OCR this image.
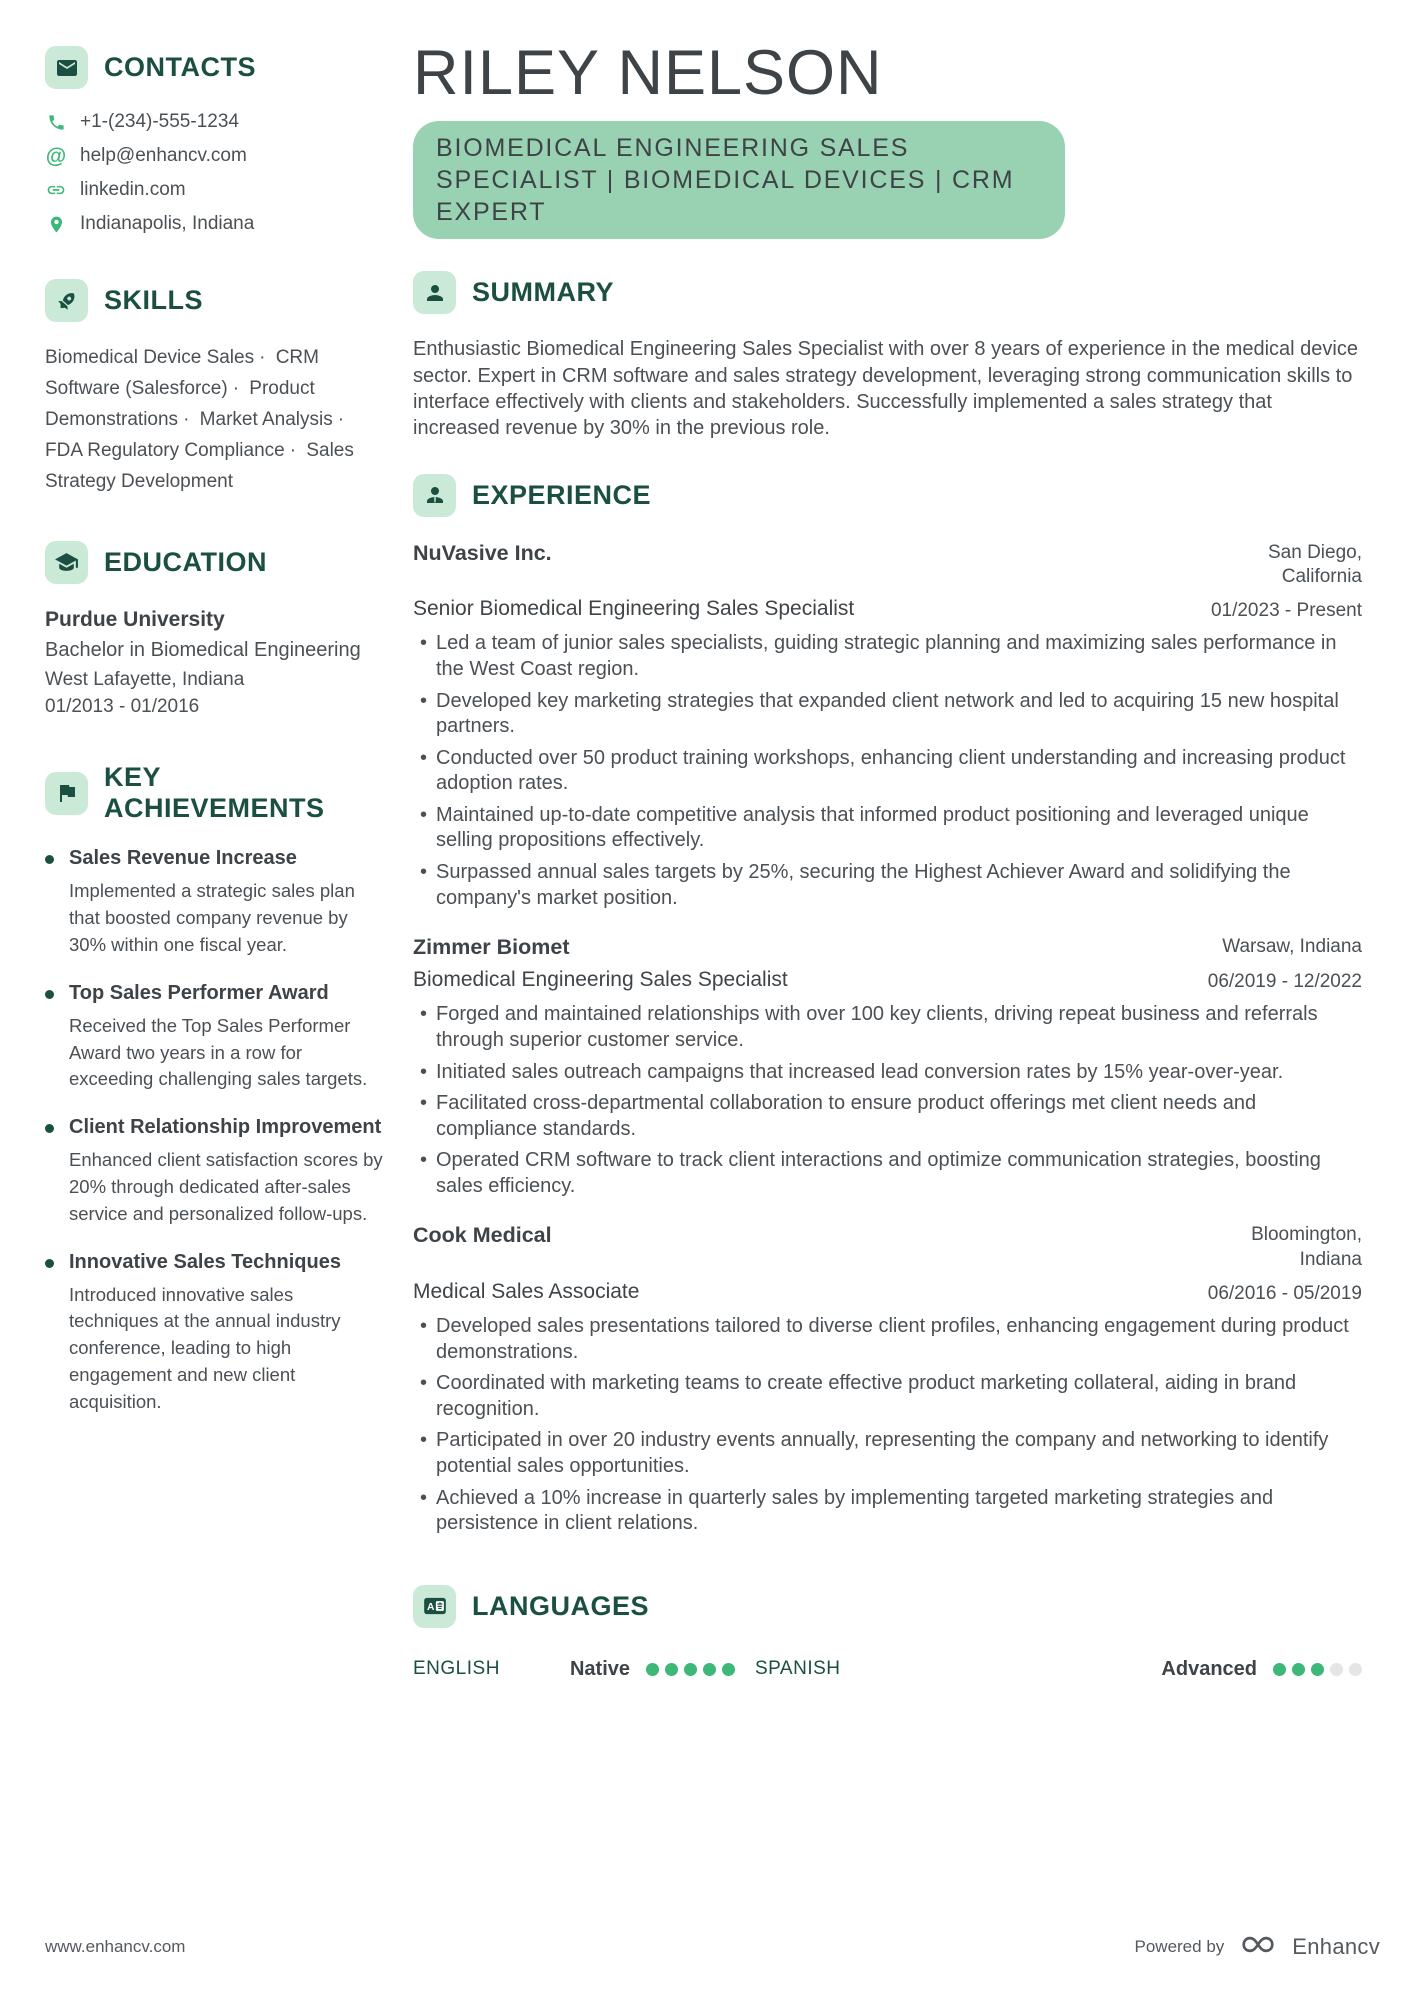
CONTACTS
+1-(234)-555-1234
@ help@enhancv.com
linkedin.com
Indianapolis, Indiana
SKILLS
Biomedical Device Sales · CRM Software (Salesforce) · Product Demonstrations · Market Analysis · FDA Regulatory Compliance · Sales Strategy Development
EDUCATION
Purdue University
Bachelor in Biomedical Engineering
West Lafayette, Indiana
01/2013 - 01/2016
KEY ACHIEVEMENTS
Sales Revenue Increase
Implemented a strategic sales plan that boosted company revenue by 30% within one fiscal year.
Top Sales Performer Award
Received the Top Sales Performer Award two years in a row for exceeding challenging sales targets.
Client Relationship Improvement
Enhanced client satisfaction scores by 20% through dedicated after-sales service and personalized follow-ups.
Innovative Sales Techniques
Introduced innovative sales techniques at the annual industry conference, leading to high engagement and new client acquisition.
RILEY NELSON
BIOMEDICAL ENGINEERING SALES SPECIALIST | BIOMEDICAL DEVICES | CRM EXPERT
SUMMARY

Enthusiastic Biomedical Engineering Sales Specialist with over 8 years of experience in the medical device sector. Expert in CRM software and sales strategy development, leveraging strong communication skills to interface effectively with clients and stakeholders. Successfully implemented a sales strategy that increased revenue by 30% in the previous role.

EXPERIENCE
NuVasive Inc.	San Diego, California
Senior Biomedical Engineering Sales Specialist	01/2023 - Present
• Led a team of junior sales specialists, guiding strategic planning and maximizing sales performance in the West Coast region.
• Developed key marketing strategies that expanded client network and led to acquiring 15 new hospital partners.
• Conducted over 50 product training workshops, enhancing client understanding and increasing product adoption rates.
• Maintained up-to-date competitive analysis that informed product positioning and leveraged unique selling propositions effectively.
• Surpassed annual sales targets by 25%, securing the Highest Achiever Award and solidifying the company's market position.
Zimmer Biomet	Warsaw, Indiana
Biomedical Engineering Sales Specialist	06/2019 - 12/2022
• Forged and maintained relationships with over 100 key clients, driving repeat business and referrals through superior customer service.
• Initiated sales outreach campaigns that increased lead conversion rates by 15% year-over-year.
• Facilitated cross-departmental collaboration to ensure product offerings met client needs and compliance standards.
• Operated CRM software to track client interactions and optimize communication strategies, boosting sales efficiency.
Cook Medical	Bloomington, Indiana
Medical Sales Associate	06/2016 - 05/2019
• Developed sales presentations tailored to diverse client profiles, enhancing engagement during product demonstrations.
• Coordinated with marketing teams to create effective product marketing collateral, aiding in brand recognition.
• Participated in over 20 industry events annually, representing the company and networking to identify potential sales opportunities.
• Achieved a 10% increase in quarterly sales by implementing targeted marketing strategies and persistence in client relations.
A LANGUAGES
ENGLISH	Native	SPANISH	Advanced
www.enhancv.com	Powered by	Enhancv
